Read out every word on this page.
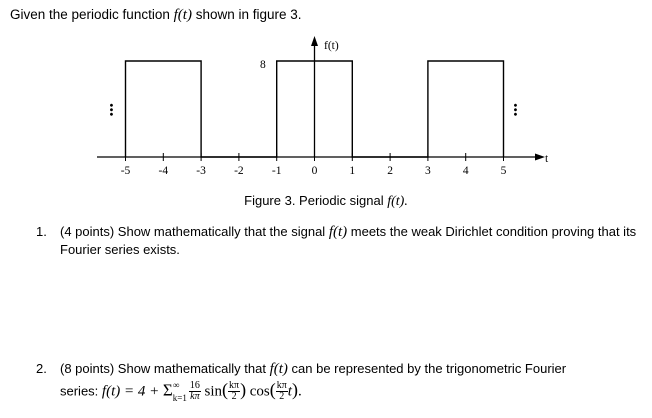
Given the periodic function f(t) shown in figure 3.
-5 -4 -3 -2 -1	0	1	2	3	4	5
f(t)
t
8
...	...
Figure 3. Periodic signal f(t).
1. (4 points) Show mathematically that the signal f(t) meets the weak Dirichlet condition proving that its Fourier series exists.
2. (8 points) Show mathematically that f(t) can be represented by the trigonometric Fourier
series: $f(t) = 4 + \Sigma_{k=1}^\infty \frac{16}{k\pi} \sin( \frac{k\pi}{2}$ ) $\cos( \frac{k\pi}{2} t)$.
